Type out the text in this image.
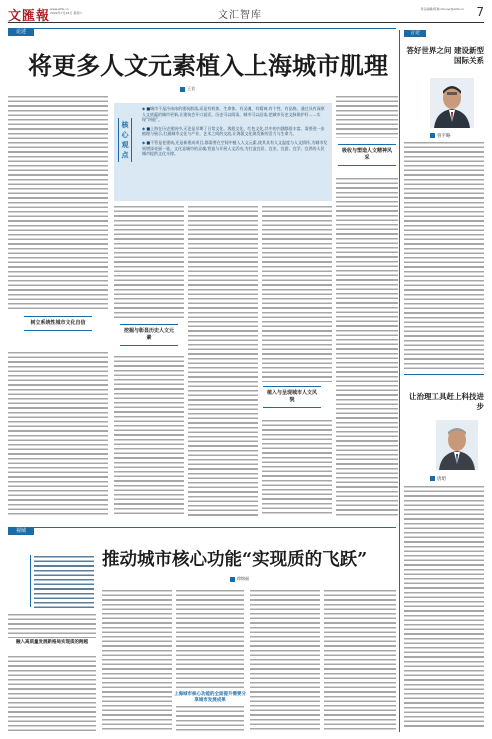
文匯報 www.whb.cn
2022年7月26日 星期六	文汇智库
责任编辑/陈瑜 zhouyi@whb.cn 7
论述
将更多人文元素植入上海城市肌理
王君
核心观点

◆ ■城市不是冷冰冰的建筑群落,而是有机体、生命体、有灵魂、有精神,有个性、有品格。通过具有深厚人文底蕴的城市更新,让建筑会开口说话、历史可以阅读、城市可以品读,把城市历史文脉保护好……实现“四能”。

◆ ■上海在历史建筑中,无论是早期丁日常文化、海派文化、红色文化,其中的内涵都很丰富。需要进一步梳理与展示,打通城市文化与产业、艺术之间的交流,让海派文化焕发新的活力与生命力。

◆ ■不管是老建筑,还是新建成项目,都需要在空间中植入人文元素,使其具有人文温度与人文情怀,为城市发展增添亮丽一笔。文化是城市的灵魂,营造与开展人文活动,为打造宜居、宜业、宜游、宜学、宜养的人民城市提供文化支撑。

树立系统性城市文化自信
挖掘与彰显历史人文元素
植入与呈现城市人文风貌
吸收与塑造人文精神风采
言论
答好世界之问 建设新型国际关系
曾平略
让治理工具赶上科技进步
唐珺
视域
推动城市核心功能“实现质的飞跃”
徐锦福
融入高质量发展新格局实现质的跨越
上海城市核心功能的全面提升需要分享城市发展成果
